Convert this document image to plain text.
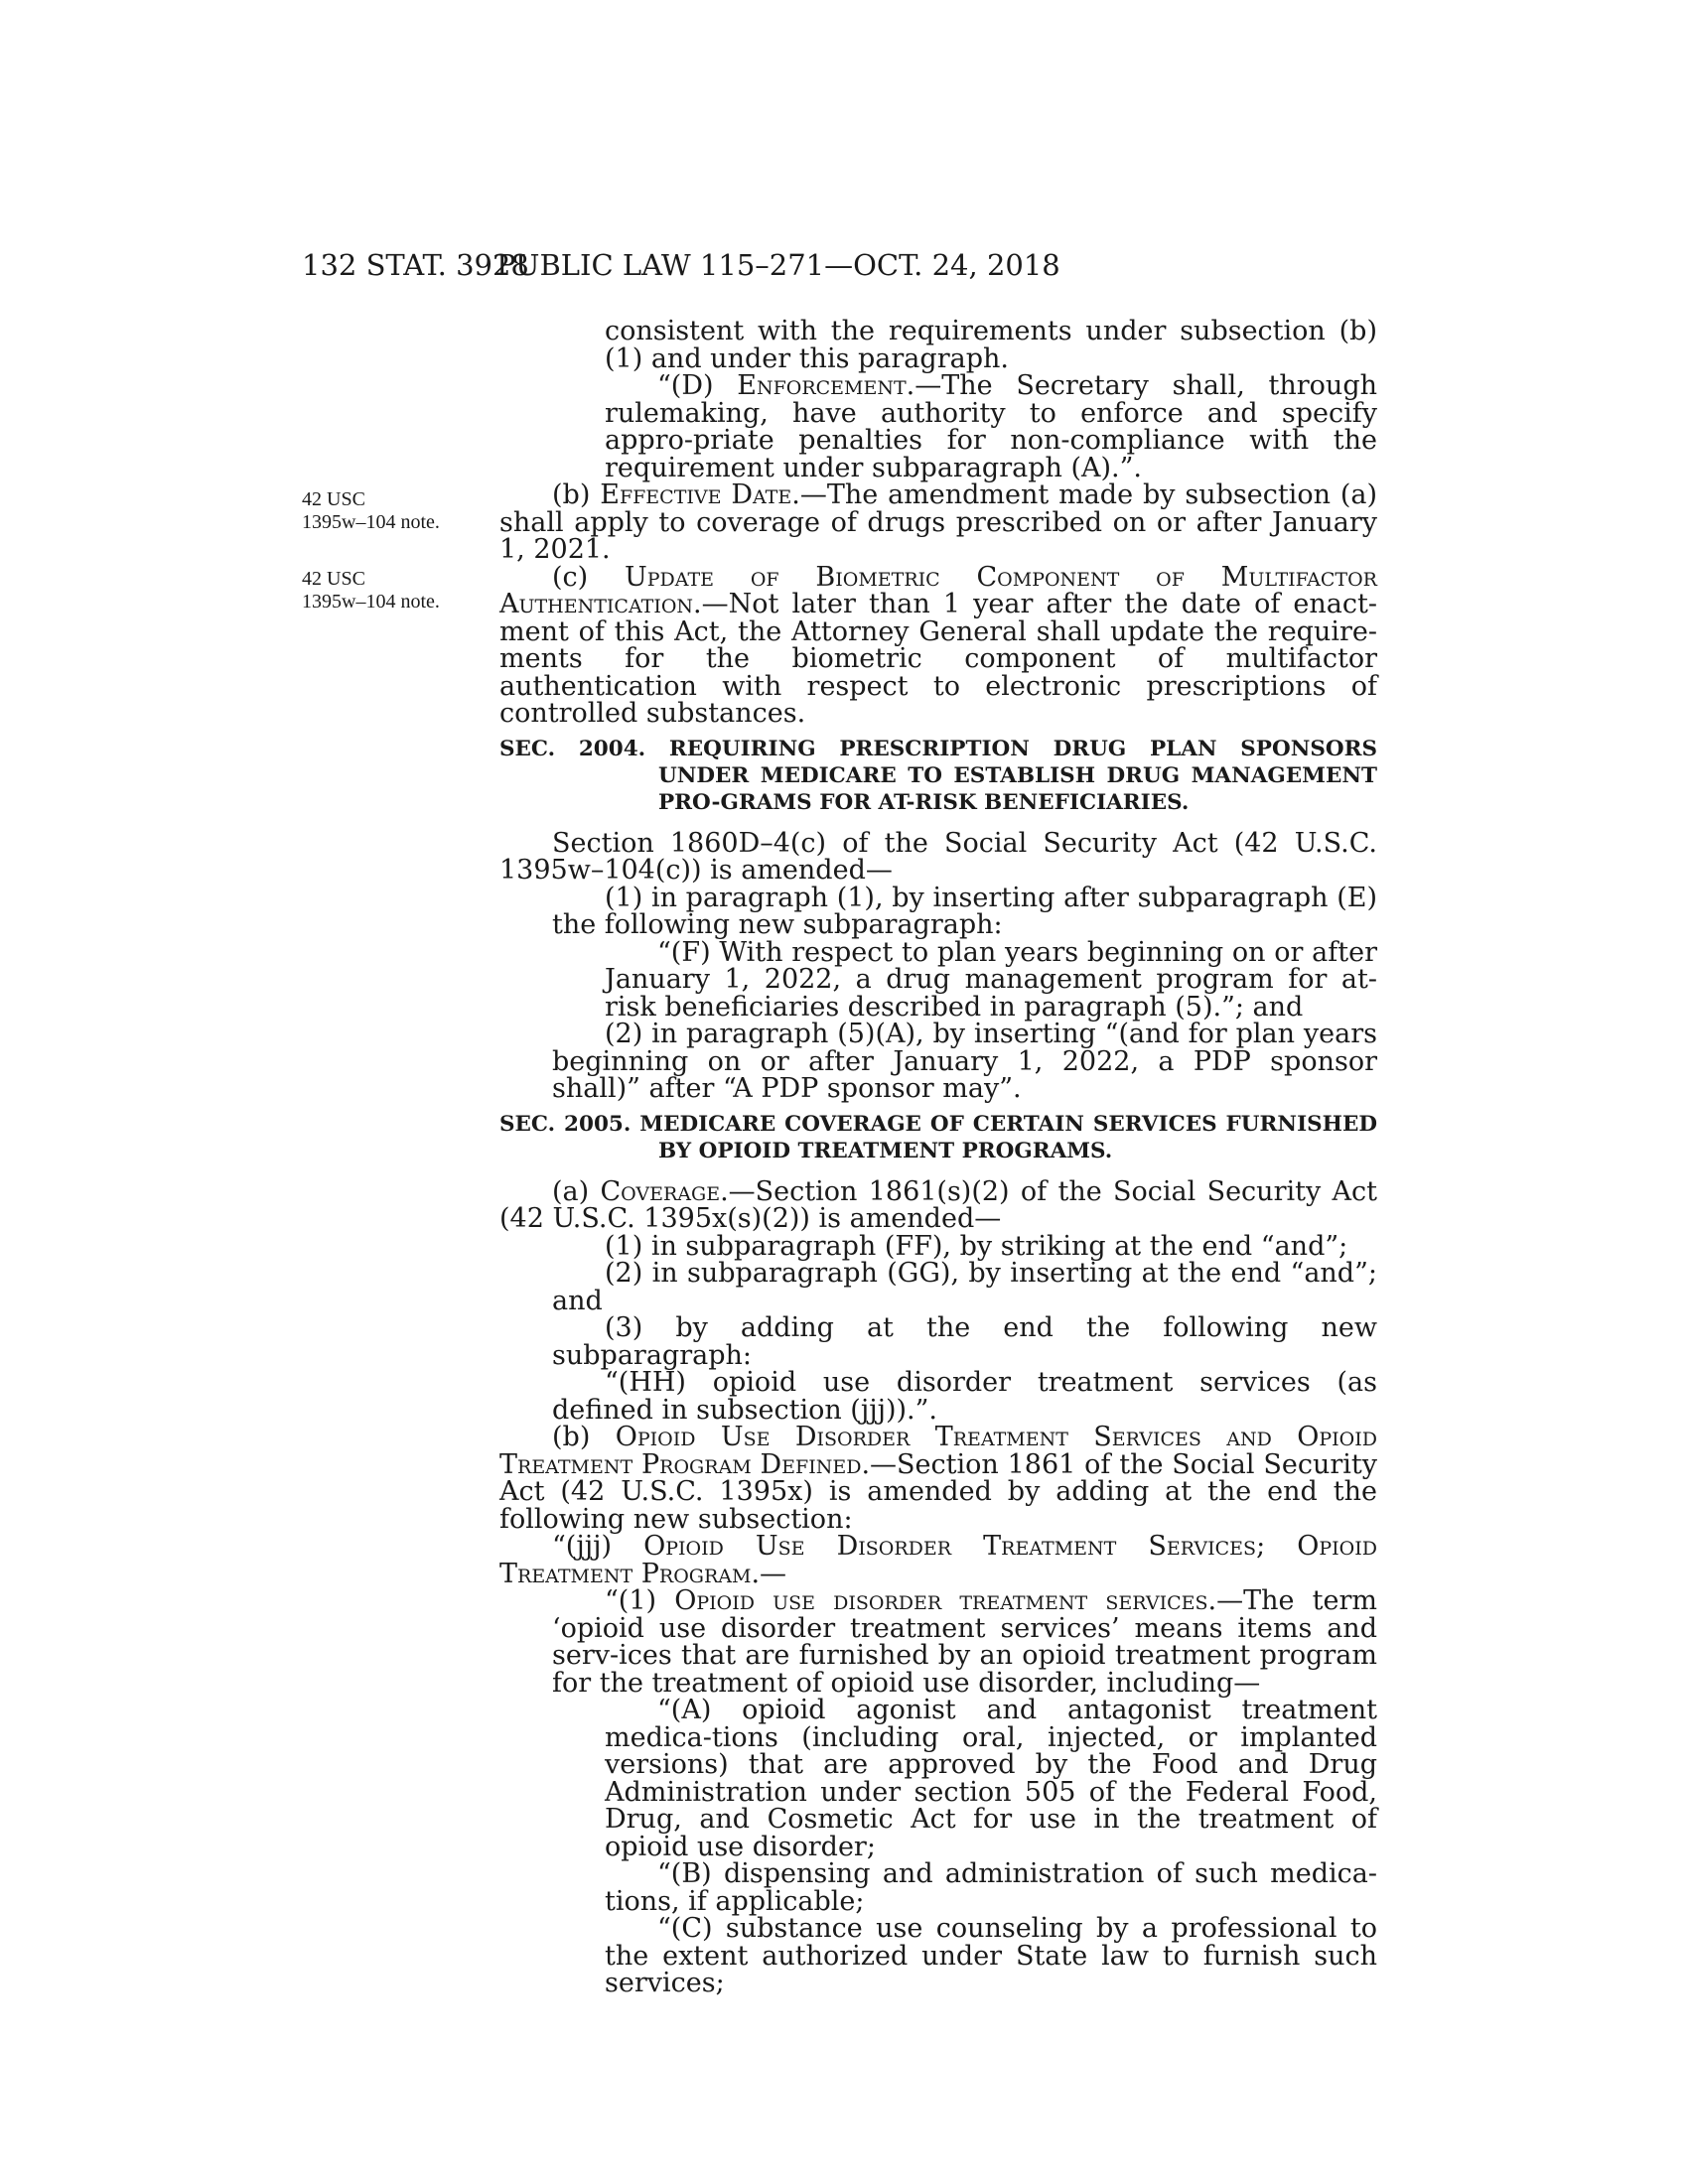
132 STAT. 3928
PUBLIC LAW 115–271—OCT. 24, 2018
42 USC
1395w–104 note.
42 USC
1395w–104 note.

consistent with the requirements under subsection (b)(1) and under this paragraph.

“(D) Enforcement.—The Secretary shall, through rulemaking, have authority to enforce and specify appro-priate penalties for non-compliance with the requirement under subparagraph (A).”.

(b) Effective Date.—The amendment made by subsection (a) shall apply to coverage of drugs prescribed on or after January 1, 2021.

(c) Update of Biometric Component of Multifactor Authentication.—Not later than 1 year after the date of enact-ment of this Act, the Attorney General shall update the require-ments for the biometric component of multifactor authentication with respect to electronic prescriptions of controlled substances.

SEC. 2004. REQUIRING PRESCRIPTION DRUG PLAN SPONSORS UNDER MEDICARE TO ESTABLISH DRUG MANAGEMENT PRO-GRAMS FOR AT-RISK BENEFICIARIES.

Section 1860D–4(c) of the Social Security Act (42 U.S.C. 1395w–104(c)) is amended—

(1) in paragraph (1), by inserting after subparagraph (E) the following new subparagraph:

“(F) With respect to plan years beginning on or after January 1, 2022, a drug management program for at-risk beneficiaries described in paragraph (5).”; and

(2) in paragraph (5)(A), by inserting “(and for plan years beginning on or after January 1, 2022, a PDP sponsor shall)” after “A PDP sponsor may”.

SEC. 2005. MEDICARE COVERAGE OF CERTAIN SERVICES FURNISHED BY OPIOID TREATMENT PROGRAMS.

(a) Coverage.—Section 1861(s)(2) of the Social Security Act (42 U.S.C. 1395x(s)(2)) is amended—

(1) in subparagraph (FF), by striking at the end “and”;

(2) in subparagraph (GG), by inserting at the end “and”; and

(3) by adding at the end the following new subparagraph:

“(HH) opioid use disorder treatment services (as defined in subsection (jjj)).”.

(b) Opioid Use Disorder Treatment Services and Opioid Treatment Program Defined.—Section 1861 of the Social Security Act (42 U.S.C. 1395x) is amended by adding at the end the following new subsection:

“(jjj) Opioid Use Disorder Treatment Services; Opioid Treatment Program.—

“(1) Opioid use disorder treatment services.—The term ‘opioid use disorder treatment services’ means items and serv-ices that are furnished by an opioid treatment program for the treatment of opioid use disorder, including—

“(A) opioid agonist and antagonist treatment medica-tions (including oral, injected, or implanted versions) that are approved by the Food and Drug Administration under section 505 of the Federal Food, Drug, and Cosmetic Act for use in the treatment of opioid use disorder;

“(B) dispensing and administration of such medica-tions, if applicable;

“(C) substance use counseling by a professional to the extent authorized under State law to furnish such services;
